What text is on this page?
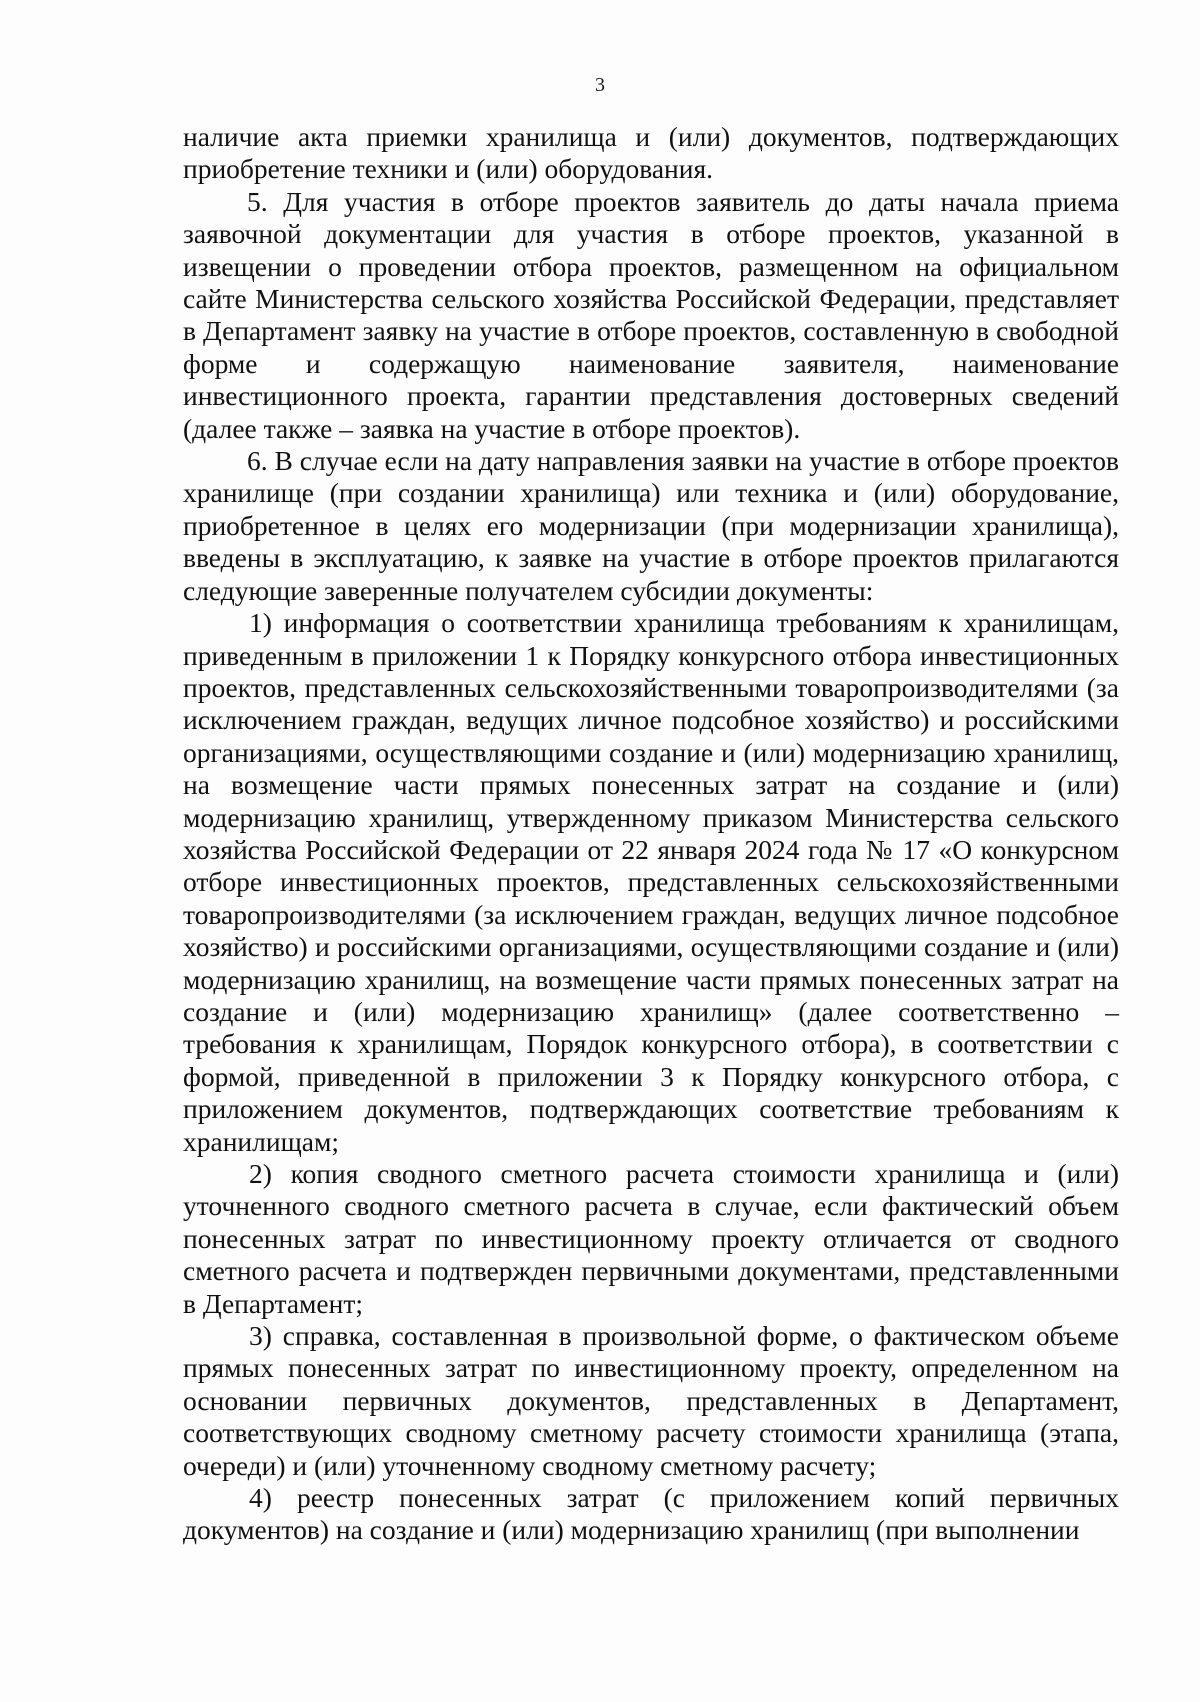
3

наличие акта приемки хранилища и (или) документов, подтверждающих приобретение техники и (или) оборудования.

5. Для участия в отборе проектов заявитель до даты начала приема заявочной документации для участия в отборе проектов, указанной в извещении о проведении отбора проектов, размещенном на официальном сайте Министерства сельского хозяйства Российской Федерации, представляет в Департамент заявку на участие в отборе проектов, составленную в свободной форме и содержащую наименование заявителя, наименование инвестиционного проекта, гарантии представления достоверных сведений (далее также – заявка на участие в отборе проектов).

6. В случае если на дату направления заявки на участие в отборе проектов хранилище (при создании хранилища) или техника и (или) оборудование, приобретенное в целях его модернизации (при модернизации хранилища), введены в эксплуатацию, к заявке на участие в отборе проектов прилагаются следующие заверенные получателем субсидии документы:

1) информация о соответствии хранилища требованиям к хранилищам, приведенным в приложении 1 к Порядку конкурсного отбора инвестиционных проектов, представленных сельскохозяйственными товаропроизводителями (за исключением граждан, ведущих личное подсобное хозяйство) и российскими организациями, осуществляющими создание и (или) модернизацию хранилищ, на возмещение части прямых понесенных затрат на создание и (или) модернизацию хранилищ, утвержденному приказом Министерства сельского хозяйства Российской Федерации от 22 января 2024 года № 17 «О конкурсном отборе инвестиционных проектов, представленных сельскохозяйственными товаропроизводителями (за исключением граждан, ведущих личное подсобное хозяйство) и российскими организациями, осуществляющими создание и (или) модернизацию хранилищ, на возмещение части прямых понесенных затрат на создание и (или) модернизацию хранилищ» (далее соответственно – требования к хранилищам, Порядок конкурсного отбора), в соответствии с формой, приведенной в приложении 3 к Порядку конкурсного отбора, с приложением документов, подтверждающих соответствие требованиям к хранилищам;

2) копия сводного сметного расчета стоимости хранилища и (или) уточненного сводного сметного расчета в случае, если фактический объем понесенных затрат по инвестиционному проекту отличается от сводного сметного расчета и подтвержден первичными документами, представленными в Департамент;

3) справка, составленная в произвольной форме, о фактическом объеме прямых понесенных затрат по инвестиционному проекту, определенном на основании первичных документов, представленных в Департамент, соответствующих сводному сметному расчету стоимости хранилища (этапа, очереди) и (или) уточненному сводному сметному расчету;

4) реестр понесенных затрат (с приложением копий первичных документов) на создание и (или) модернизацию хранилищ (при выполнении
